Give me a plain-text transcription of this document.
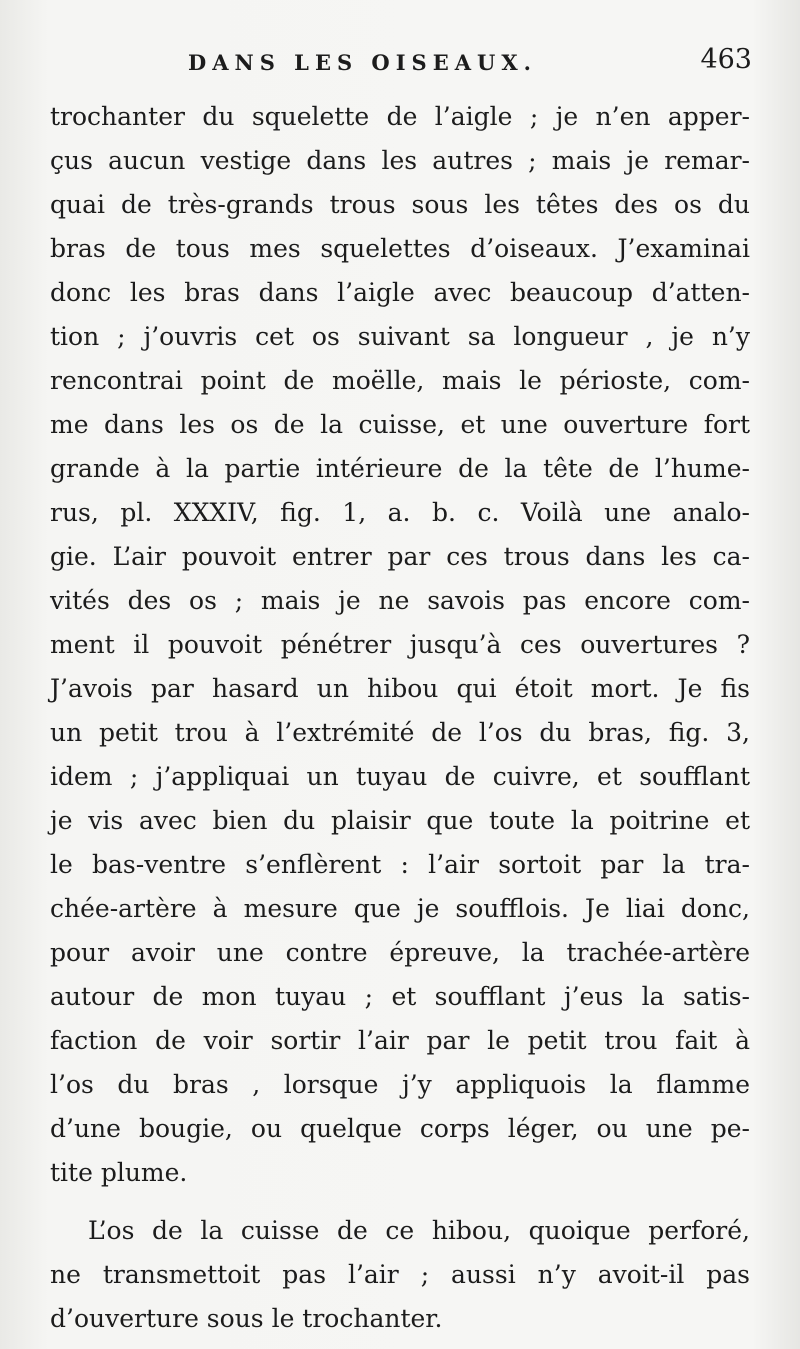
DANS LES OISEAUX.	463
trochanter du squelette de l’aigle ; je n’en apper-
çus aucun vestige dans les autres ; mais je remar-
quai de très-grands trous sous les têtes des os du
bras de tous mes squelettes d’oiseaux. J’examinai
donc les bras dans l’aigle avec beaucoup d’atten-
tion ; j’ouvris cet os suivant sa longueur , je n’y
rencontrai point de moëlle, mais le périoste, com-
me dans les os de la cuisse, et une ouverture fort
grande à la partie intérieure de la tête de l’hume-
rus, pl. XXXIV, fig. 1, a. b. c. Voilà une analo-
gie. L’air pouvoit entrer par ces trous dans les ca-
vités des os ; mais je ne savois pas encore com-
ment il pouvoit pénétrer jusqu’à ces ouvertures ?
J’avois par hasard un hibou qui étoit mort. Je fis
un petit trou à l’extrémité de l’os du bras, fig. 3,
idem ; j’appliquai un tuyau de cuivre, et soufflant
je vis avec bien du plaisir que toute la poitrine et
le bas-ventre s’enflèrent : l’air sortoit par la tra-
chée-artère à mesure que je soufflois. Je liai donc,
pour avoir une contre épreuve, la trachée-artère
autour de mon tuyau ; et soufflant j’eus la satis-
faction de voir sortir l’air par le petit trou fait à
l’os du bras , lorsque j’y appliquois la flamme
d’une bougie, ou quelque corps léger, ou une pe-
tite plume.
L’os de la cuisse de ce hibou, quoique perforé,
ne transmettoit pas l’air ; aussi n’y avoit-il pas
d’ouverture sous le trochanter.
